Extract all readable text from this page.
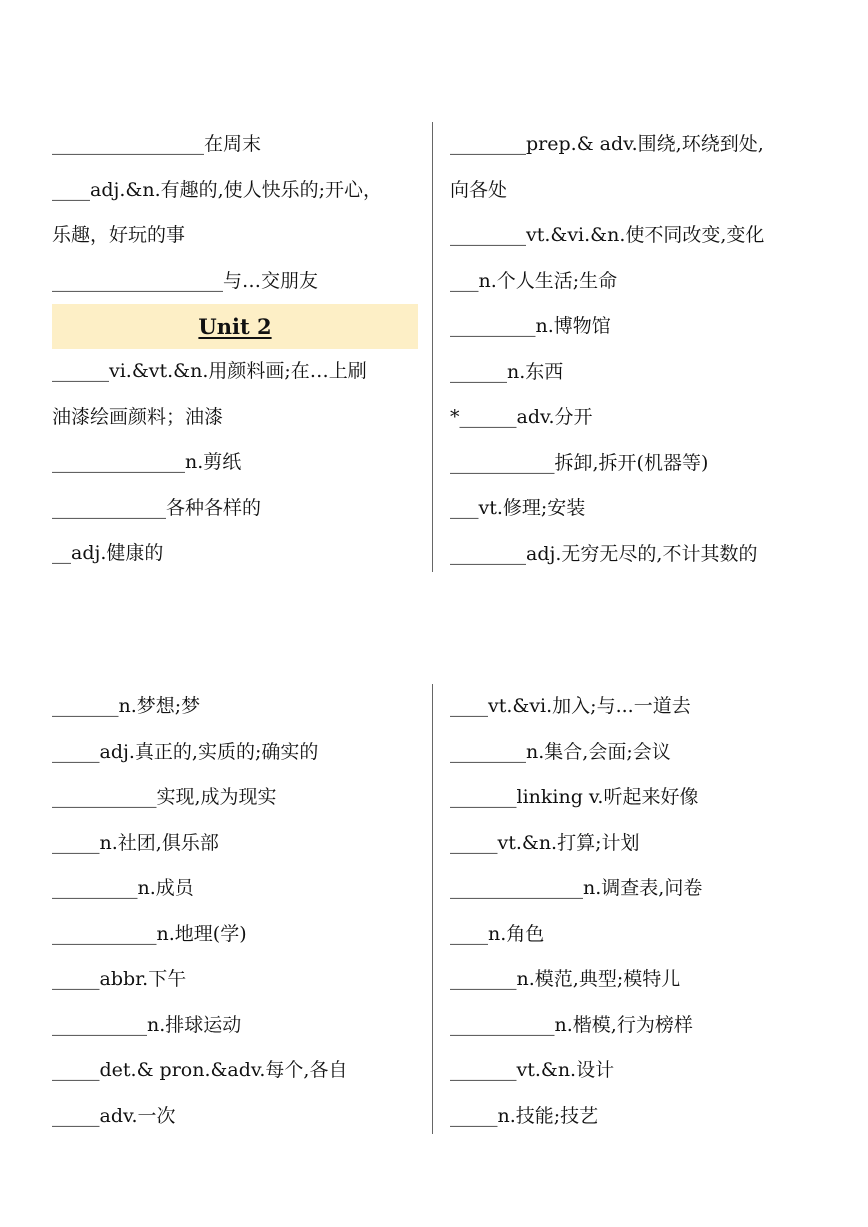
________________在周末
____adj.&n.有趣的,使人快乐的;开心，
乐趣，好玩的事
__________________与…交朋友
Unit 2
______vi.&vt.&n.用颜料画;在…上刷
油漆绘画颜料；油漆
______________n.剪纸
____________各种各样的
__adj.健康的
________prep.& adv.围绕,环绕到处,
向各处
________vt.&vi.&n.使不同改变,变化
___n.个人生活;生命
_________n.博物馆
______n.东西
*______adv.分开
___________拆卸,拆开(机器等)
___vt.修理;安装
________adj.无穷无尽的,不计其数的
_______n.梦想;梦
_____adj.真正的,实质的;确实的
___________实现,成为现实
_____n.社团,俱乐部
_________n.成员
___________n.地理(学)
_____abbr.下午
__________n.排球运动
_____det.& pron.&adv.每个,各自
_____adv.一次
____vt.&vi.加入;与...一道去
________n.集合,会面;会议
_______linking v.听起来好像
_____vt.&n.打算;计划
______________n.调查表,问卷
____n.角色
_______n.模范,典型;模特儿
___________n.楷模,行为榜样
_______vt.&n.设计
_____n.技能;技艺
